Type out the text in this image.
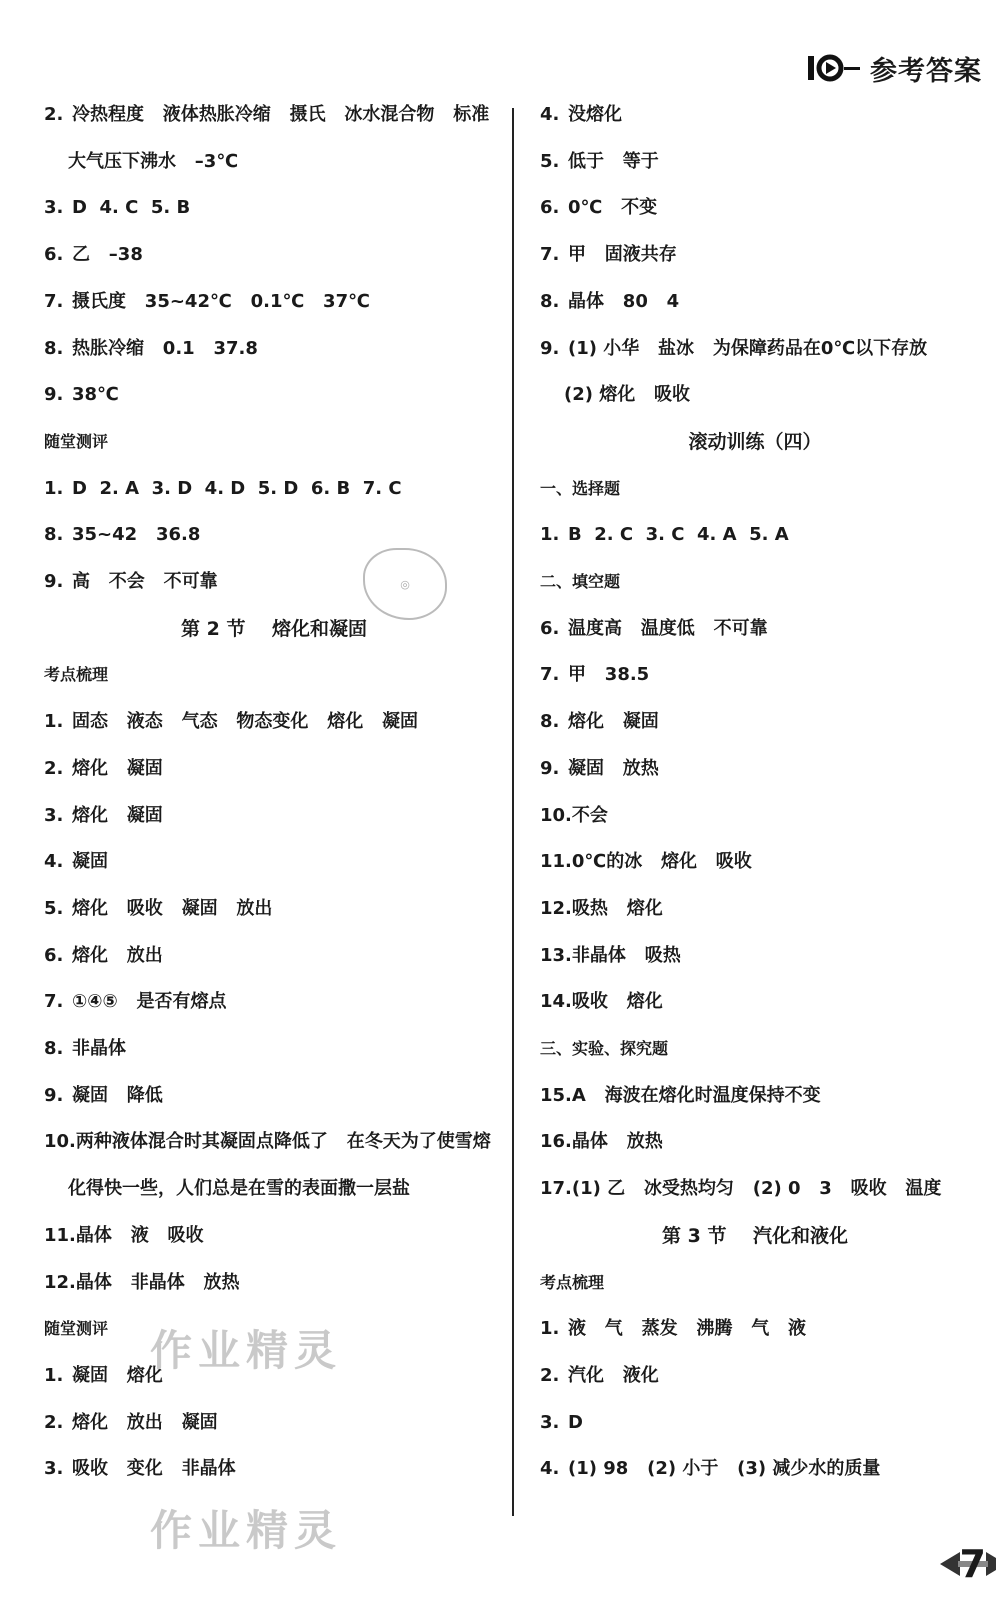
参考答案
2. 冷热程度   液体热胀冷缩   摄氏   冰水混合物   标准
大气压下沸水   –3℃
3. D  4. C  5. B
6. 乙   –38
7. 摄氏度   35~42℃   0.1℃   37℃
8. 热胀冷缩   0.1   37.8
9. 38℃
随堂测评
1. D  2. A  3. D  4. D  5. D  6. B  7. C
8. 35~42   36.8
9. 高   不会   不可靠
第 2 节    熔化和凝固
考点梳理
1. 固态   液态   气态   物态变化   熔化   凝固
2. 熔化   凝固
3. 熔化   凝固
4. 凝固
5. 熔化   吸收   凝固   放出
6. 熔化   放出
7. ①④⑤   是否有熔点
8. 非晶体
9. 凝固   降低
10.两种液体混合时其凝固点降低了   在冬天为了使雪熔
化得快一些，人们总是在雪的表面撒一层盐
11.晶体   液   吸收
12.晶体   非晶体   放热
随堂测评
1. 凝固   熔化
2. 熔化   放出   凝固
3. 吸收   变化   非晶体
4. 没熔化
5. 低于   等于
6. 0℃   不变
7. 甲   固液共存
8. 晶体   80   4
9. (1) 小华   盐冰   为保障药品在0℃以下存放
(2) 熔化   吸收
滚动训练（四）
一、选择题
1. B  2. C  3. C  4. A  5. A
二、填空题
6. 温度高   温度低   不可靠
7. 甲   38.5
8. 熔化   凝固
9. 凝固   放热
10.不会
11.0℃的冰   熔化   吸收
12.吸热   熔化
13.非晶体   吸热
14.吸收   熔化
三、实验、探究题
15.A   海波在熔化时温度保持不变
16.晶体   放热
17.(1) 乙   冰受热均匀   (2) 0   3   吸收   温度
第 3 节    汽化和液化
考点梳理
1. 液   气   蒸发   沸腾   气   液
2. 汽化   液化
3. D
4. (1) 98   (2) 小于   (3) 减少水的质量
◎
作业精灵
作业精灵
7
